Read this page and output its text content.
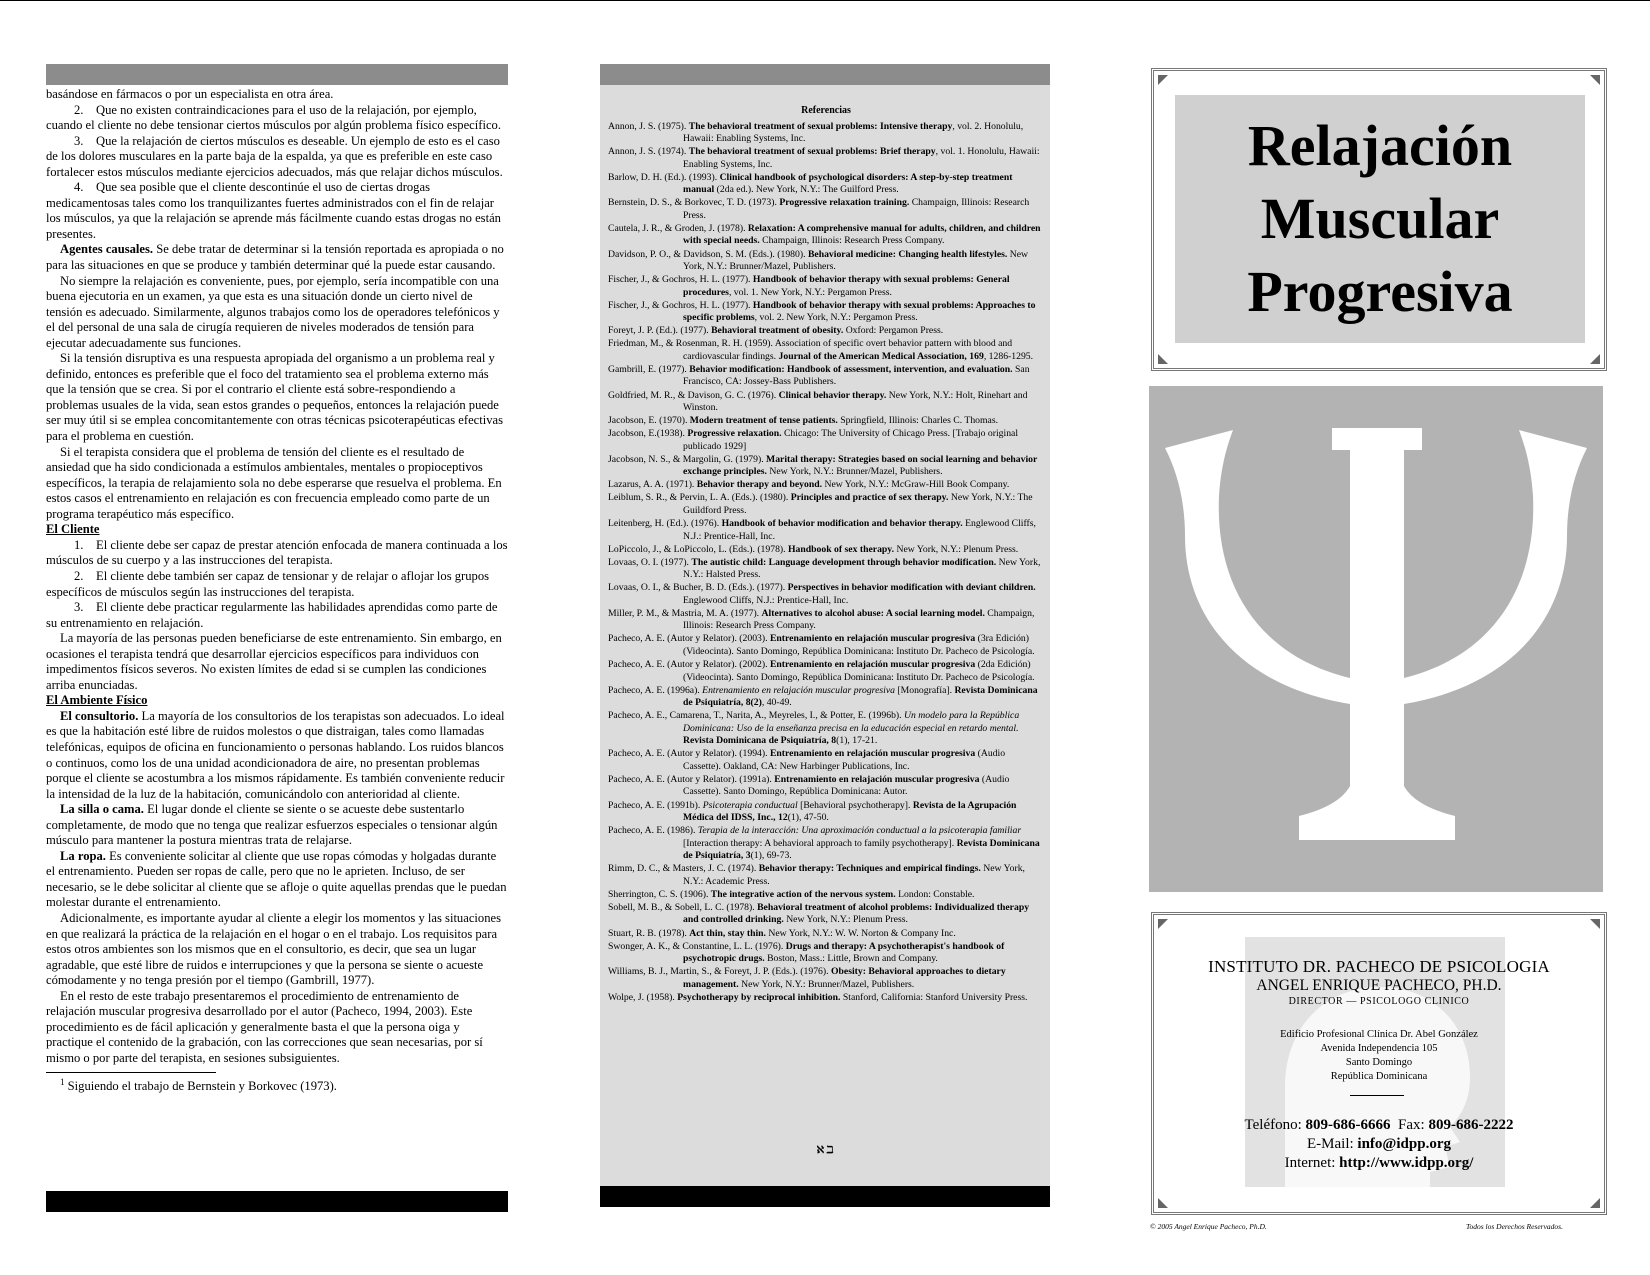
basándose en fármacos o por un especialista en otra área.

2. Que no existen contraindicaciones para el uso de la relajación, por ejemplo, cuando el cliente no debe tensionar ciertos músculos por algún problema físico específico.

3. Que la relajación de ciertos músculos es deseable. Un ejemplo de esto es el caso de los dolores musculares en la parte baja de la espalda, ya que es preferible en este caso fortalecer estos músculos mediante ejercicios adecuados, más que relajar dichos músculos.

4. Que sea posible que el cliente descontinúe el uso de ciertas drogas medicamentosas tales como los tranquilizantes fuertes administrados con el fin de relajar los músculos, ya que la relajación se aprende más fácilmente cuando estas drogas no están presentes.

Agentes causales. Se debe tratar de determinar si la tensión reportada es apropiada o no para las situaciones en que se produce y también determinar qué la puede estar causando.

No siempre la relajación es conveniente, pues, por ejemplo, sería incompatible con una buena ejecutoria en un examen, ya que esta es una situación donde un cierto nivel de tensión es adecuado. Similarmente, algunos trabajos como los de operadores telefónicos y el del personal de una sala de cirugía requieren de niveles moderados de tensión para ejecutar adecuadamente sus funciones.

Si la tensión disruptiva es una respuesta apropiada del organismo a un problema real y definido, entonces es preferible que el foco del tratamiento sea el problema externo más que la tensión que se crea. Si por el contrario el cliente está sobre-respondiendo a problemas usuales de la vida, sean estos grandes o pequeños, entonces la relajación puede ser muy útil si se emplea concomitantemente con otras técnicas psicoterapéuticas efectivas para el problema en cuestión.

Si el terapista considera que el problema de tensión del cliente es el resultado de ansiedad que ha sido condicionada a estímulos ambientales, mentales o propioceptivos específicos, la terapia de relajamiento sola no debe esperarse que resuelva el problema. En estos casos el entrenamiento en relajación es con frecuencia empleado como parte de un programa terapéutico más específico.

El Cliente

1. El cliente debe ser capaz de prestar atención enfocada de manera continuada a los músculos de su cuerpo y a las instrucciones del terapista.

2. El cliente debe también ser capaz de tensionar y de relajar o aflojar los grupos específicos de músculos según las instrucciones del terapista.

3. El cliente debe practicar regularmente las habilidades aprendidas como parte de su entrenamiento en relajación.

La mayoría de las personas pueden beneficiarse de este entrenamiento. Sin embargo, en ocasiones el terapista tendrá que desarrollar ejercicios específicos para individuos con impedimentos físicos severos. No existen límites de edad si se cumplen las condiciones arriba enunciadas.

El Ambiente Físico

El consultorio. La mayoría de los consultorios de los terapistas son adecuados. Lo ideal es que la habitación esté libre de ruidos molestos o que distraigan, tales como llamadas telefónicas, equipos de oficina en funcionamiento o personas hablando. Los ruidos blancos o continuos, como los de una unidad acondicionadora de aire, no presentan problemas porque el cliente se acostumbra a los mismos rápidamente. Es también conveniente reducir la intensidad de la luz de la habitación, comunicándolo con anterioridad al cliente.

La silla o cama. El lugar donde el cliente se siente o se acueste debe sustentarlo completamente, de modo que no tenga que realizar esfuerzos especiales o tensionar algún músculo para mantener la postura mientras trata de relajarse.

La ropa. Es conveniente solicitar al cliente que use ropas cómodas y holgadas durante el entrenamiento. Pueden ser ropas de calle, pero que no le aprieten. Incluso, de ser necesario, se le debe solicitar al cliente que se afloje o quite aquellas prendas que le puedan molestar durante el entrenamiento.

Adicionalmente, es importante ayudar al cliente a elegir los momentos y las situaciones en que realizará la práctica de la relajación en el hogar o en el trabajo. Los requisitos para estos otros ambientes son los mismos que en el consultorio, es decir, que sea un lugar agradable, que esté libre de ruidos e interrupciones y que la persona se siente o acueste cómodamente y no tenga presión por el tiempo (Gambrill, 1977).

En el resto de este trabajo presentaremos el procedimiento de entrenamiento de relajación muscular progresiva desarrollado por el autor (Pacheco, 1994, 2003). Este procedimiento es de fácil aplicación y generalmente basta el que la persona oiga y practique el contenido de la grabación, con las correcciones que sean necesarias, por sí mismo o por parte del terapista, en sesiones subsiguientes.

$^1$ Siguiendo el trabajo de Bernstein y Borkovec (1973).
Referencias
Annon, J. S. (1975). The behavioral treatment of sexual problems: Intensive therapy, vol. 2. Honolulu, Hawaii: Enabling Systems, Inc.
Annon, J. S. (1974). The behavioral treatment of sexual problems: Brief therapy, vol. 1. Honolulu, Hawaii: Enabling Systems, Inc.
Barlow, D. H. (Ed.). (1993). Clinical handbook of psychological disorders: A step-by-step treatment manual (2da ed.). New York, N.Y.: The Guilford Press.
Bernstein, D. S., & Borkovec, T. D. (1973). Progressive relaxation training. Champaign, Illinois: Research Press.
Cautela, J. R., & Groden, J. (1978). Relaxation: A comprehensive manual for adults, children, and children with special needs. Champaign, Illinois: Research Press Company.
Davidson, P. O., & Davidson, S. M. (Eds.). (1980). Behavioral medicine: Changing health lifestyles. New York, N.Y.: Brunner/Mazel, Publishers.
Fischer, J., & Gochros, H. L. (1977). Handbook of behavior therapy with sexual problems: General procedures, vol. 1. New York, N.Y.: Pergamon Press.
Fischer, J., & Gochros, H. L. (1977). Handbook of behavior therapy with sexual problems: Approaches to specific problems, vol. 2. New York, N.Y.: Pergamon Press.
Foreyt, J. P. (Ed.). (1977). Behavioral treatment of obesity. Oxford: Pergamon Press.
Friedman, M., & Rosenman, R. H. (1959). Association of specific overt behavior pattern with blood and cardiovascular findings. Journal of the American Medical Association, 169, 1286-1295.
Gambrill, E. (1977). Behavior modification: Handbook of assessment, intervention, and evaluation. San Francisco, CA: Jossey-Bass Publishers.
Goldfried, M. R., & Davison, G. C. (1976). Clinical behavior therapy. New York, N.Y.: Holt, Rinehart and Winston.
Jacobson, E. (1970). Modern treatment of tense patients. Springfield, Illinois: Charles C. Thomas.
Jacobson, E.(1938). Progressive relaxation. Chicago: The University of Chicago Press. [Trabajo original publicado 1929]
Jacobson, N. S., & Margolin, G. (1979). Marital therapy: Strategies based on social learning and behavior exchange principles. New York, N.Y.: Brunner/Mazel, Publishers.
Lazarus, A. A. (1971). Behavior therapy and beyond. New York, N.Y.: McGraw-Hill Book Company.
Leiblum, S. R., & Pervin, L. A. (Eds.). (1980). Principles and practice of sex therapy. New York, N.Y.: The Guildford Press.
Leitenberg, H. (Ed.). (1976). Handbook of behavior modification and behavior therapy. Englewood Cliffs, N.J.: Prentice-Hall, Inc.
LoPiccolo, J., & LoPiccolo, L. (Eds.). (1978). Handbook of sex therapy. New York, N.Y.: Plenum Press.
Lovaas, O. I. (1977). The autistic child: Language development through behavior modification. New York, N.Y.: Halsted Press.
Lovaas, O. I., & Bucher, B. D. (Eds.). (1977). Perspectives in behavior modification with deviant children. Englewood Cliffs, N.J.: Prentice-Hall, Inc.
Miller, P. M., & Mastria, M. A. (1977). Alternatives to alcohol abuse: A social learning model. Champaign, Illinois: Research Press Company.
Pacheco, A. E. (Autor y Relator). (2003). Entrenamiento en relajación muscular progresiva (3ra Edición) (Videocinta). Santo Domingo, República Dominicana: Instituto Dr. Pacheco de Psicología.
Pacheco, A. E. (Autor y Relator). (2002). Entrenamiento en relajación muscular progresiva (2da Edición) (Videocinta). Santo Domingo, República Dominicana: Instituto Dr. Pacheco de Psicología.
Pacheco, A. E. (1996a). Entrenamiento en relajación muscular progresiva [Monografía]. Revista Dominicana de Psiquiatría, 8(2), 40-49.
Pacheco, A. E., Camarena, T., Narita, A., Meyreles, I., & Potter, E. (1996b). Un modelo para la República Dominicana: Uso de la enseñanza precisa en la educación especial en retardo mental. Revista Dominicana de Psiquiatría, 8(1), 17-21.
Pacheco, A. E. (Autor y Relator). (1994). Entrenamiento en relajación muscular progresiva (Audio Cassette). Oakland, CA: New Harbinger Publications, Inc.
Pacheco, A. E. (Autor y Relator). (1991a). Entrenamiento en relajación muscular progresiva (Audio Cassette). Santo Domingo, República Dominicana: Autor.
Pacheco, A. E. (1991b). Psicoterapia conductual [Behavioral psychotherapy]. Revista de la Agrupación Médica del IDSS, Inc., 12(1), 47-50.
Pacheco, A. E. (1986). Terapia de la interacción: Una aproximación conductual a la psicoterapia familiar [Interaction therapy: A behavioral approach to family psychotherapy]. Revista Dominicana de Psiquiatría, 3(1), 69-73.
Rimm, D. C., & Masters, J. C. (1974). Behavior therapy: Techniques and empirical findings. New York, N.Y.: Academic Press.
Sherrington, C. S. (1906). The integrative action of the nervous system. London: Constable.
Sobell, M. B., & Sobell, L. C. (1978). Behavioral treatment of alcohol problems: Individualized therapy and controlled drinking. New York, N.Y.: Plenum Press.
Stuart, R. B. (1978). Act thin, stay thin. New York, N.Y.: W. W. Norton & Company Inc.
Swonger, A. K., & Constantine, L. L. (1976). Drugs and therapy: A psychotherapist's handbook of psychotropic drugs. Boston, Mass.: Little, Brown and Company.
Williams, B. J., Martin, S., & Foreyt, J. P. (Eds.). (1976). Obesity: Behavioral approaches to dietary management. New York, N.Y.: Brunner/Mazel, Publishers.
Wolpe, J. (1958). Psychotherapy by reciprocal inhibition. Stanford, California: Stanford University Press.
ℵ ℶ
Relajación
Muscular
Progresiva
INSTITUTO DR. PACHECO DE PSICOLOGIA
ANGEL ENRIQUE PACHECO, PH.D.
DIRECTOR — PSICOLOGO CLINICO
Edificio Profesional Clínica Dr. Abel González
Avenida Independencia 105
Santo Domingo
República Dominicana
Teléfono: 809-686-6666  Fax: 809-686-2222
E-Mail: info@idpp.org
Internet: http://www.idpp.org/
© 2005 Angel Enrique Pacheco, Ph.D.	Todos los Derechos Reservados.
